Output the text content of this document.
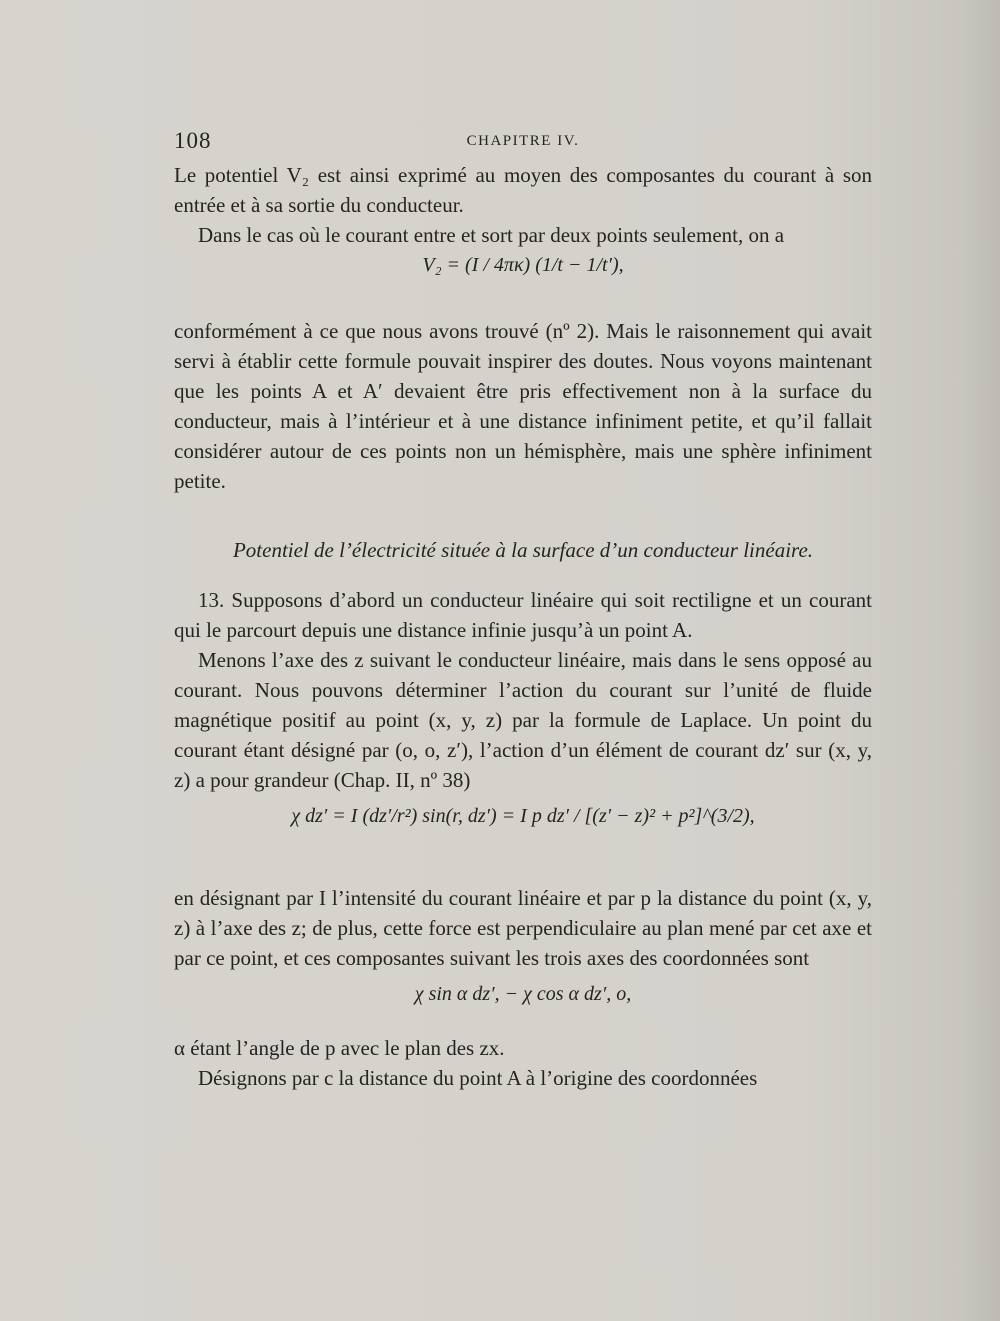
108	CHAPITRE IV.

Le potentiel V₂ est ainsi exprimé au moyen des composantes du courant à son entrée et à sa sortie du conducteur.

Dans le cas où le courant entre et sort par deux points seulement, on a

V₂ = (I / 4πκ) (1/t − 1/t′),

conformément à ce que nous avons trouvé (nº 2). Mais le raisonnement qui avait servi à établir cette formule pouvait inspirer des doutes. Nous voyons maintenant que les points A et A′ devaient être pris effectivement non à la surface du conducteur, mais à l’intérieur et à une distance infiniment petite, et qu’il fallait considérer autour de ces points non un hémisphère, mais une sphère infiniment petite.

Potentiel de l’électricité située à la surface d’un conducteur linéaire.

13. Supposons d’abord un conducteur linéaire qui soit rectiligne et un courant qui le parcourt depuis une distance infinie jusqu’à un point A.

Menons l’axe des z suivant le conducteur linéaire, mais dans le sens opposé au courant. Nous pouvons déterminer l’action du courant sur l’unité de fluide magnétique positif au point (x, y, z) par la formule de Laplace. Un point du courant étant désigné par (o, o, z′), l’action d’un élément de courant dz′ sur (x, y, z) a pour grandeur (Chap. II, nº 38)

χ dz′ = I (dz′/r²) sin(r, dz′) = I p dz′ / [(z′ − z)² + p²]^(3/2),

en désignant par I l’intensité du courant linéaire et par p la distance du point (x, y, z) à l’axe des z; de plus, cette force est perpendiculaire au plan mené par cet axe et par ce point, et ces composantes suivant les trois axes des coordonnées sont

χ sin α dz′, − χ cos α dz′, o,

α étant l’angle de p avec le plan des zx.

Désignons par c la distance du point A à l’origine des coordonnées
